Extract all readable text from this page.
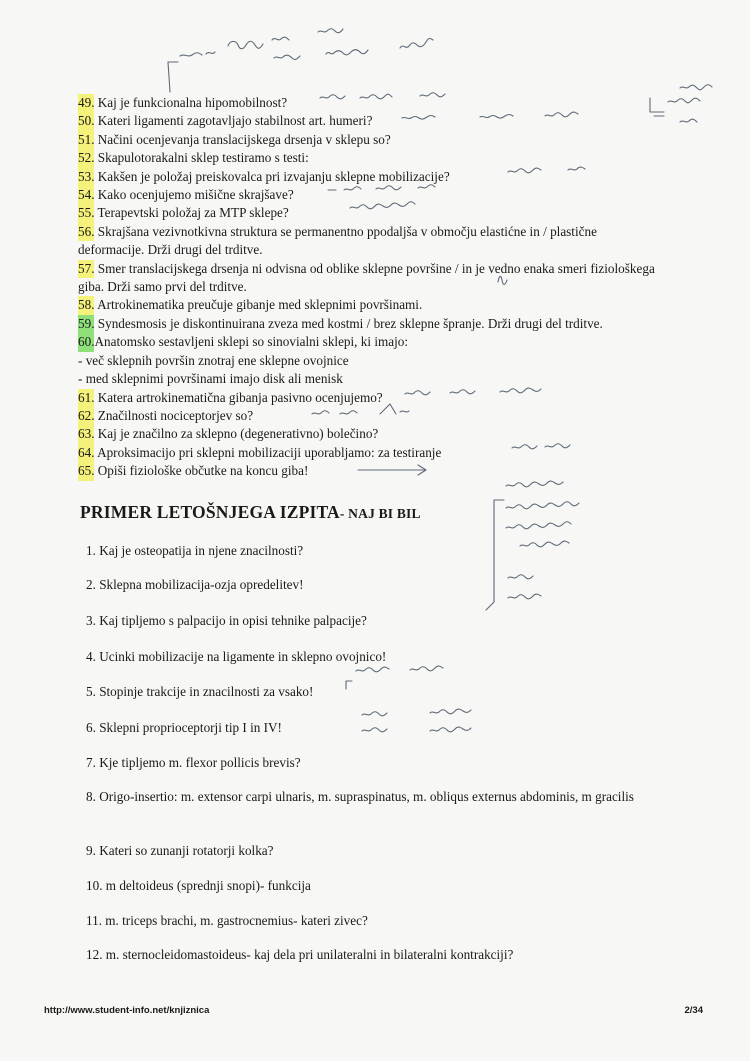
49. Kaj je funkcionalna hipomobilnost?
50. Kateri ligamenti zagotavljajo stabilnost art. humeri?
51. Načini ocenjevanja translacijskega drsenja v sklepu so?
52. Skapulotorakalni sklep testiramo s testi:
53. Kakšen je položaj preiskovalca pri izvajanju sklepne mobilizacije?
54. Kako ocenjujemo mišične skrajšave?
55. Terapevtski položaj za MTP sklepe?
56. Skrajšana vezivnotkivna struktura se permanentno ppodaljša v območju elastićne in / plastične deformacije. Drži drugi del trditve.
57. Smer translacijskega drsenja ni odvisna od oblike sklepne površine / in je vedno enaka smeri fiziološkega giba. Drži samo prvi del trditve.
58. Artrokinematika preučuje gibanje med sklepnimi površinami.
59. Syndesmosis je diskontinuirana zveza med kostmi / brez sklepne špranje. Drži drugi del trditve.
60.Anatomsko sestavljeni sklepi so sinovialni sklepi, ki imajo:
- več sklepnih površin znotraj ene sklepne ovojnice
- med sklepnimi površinami imajo disk ali menisk
61. Katera artrokinematična gibanja pasivno ocenjujemo?
62. Značilnosti nociceptorjev so?
63. Kaj je značilno za sklepno (degenerativno) bolečino?
64. Aproksimacijo pri sklepni mobilizaciji uporabljamo: za testiranje
65. Opiši fiziološke občutke na koncu giba!
PRIMER LETOŠNJEGA IZPITA- NAJ BI BIL
1. Kaj je osteopatija in njene znacilnosti?
2. Sklepna mobilizacija-ozja opredelitev!
3. Kaj tipljemo s palpacijo in opisi tehnike palpacije?
4. Ucinki mobilizacije na ligamente in sklepno ovojnico!
5. Stopinje trakcije in znacilnosti za vsako!
6. Sklepni proprioceptorji tip I in IV!
7. Kje tipljemo m. flexor pollicis brevis?
8. Origo-insertio: m. extensor carpi ulnaris, m. supraspinatus, m. obliqus externus abdominis, m gracilis
9. Kateri so zunanji rotatorji kolka?
10. m deltoideus (sprednji snopi)- funkcija
11. m. triceps brachi, m. gastrocnemius- kateri zivec?
12. m. sternocleidomastoideus- kaj dela pri unilateralni in bilateralni kontrakciji?
http://www.student-info.net/knjiznica	2/34
